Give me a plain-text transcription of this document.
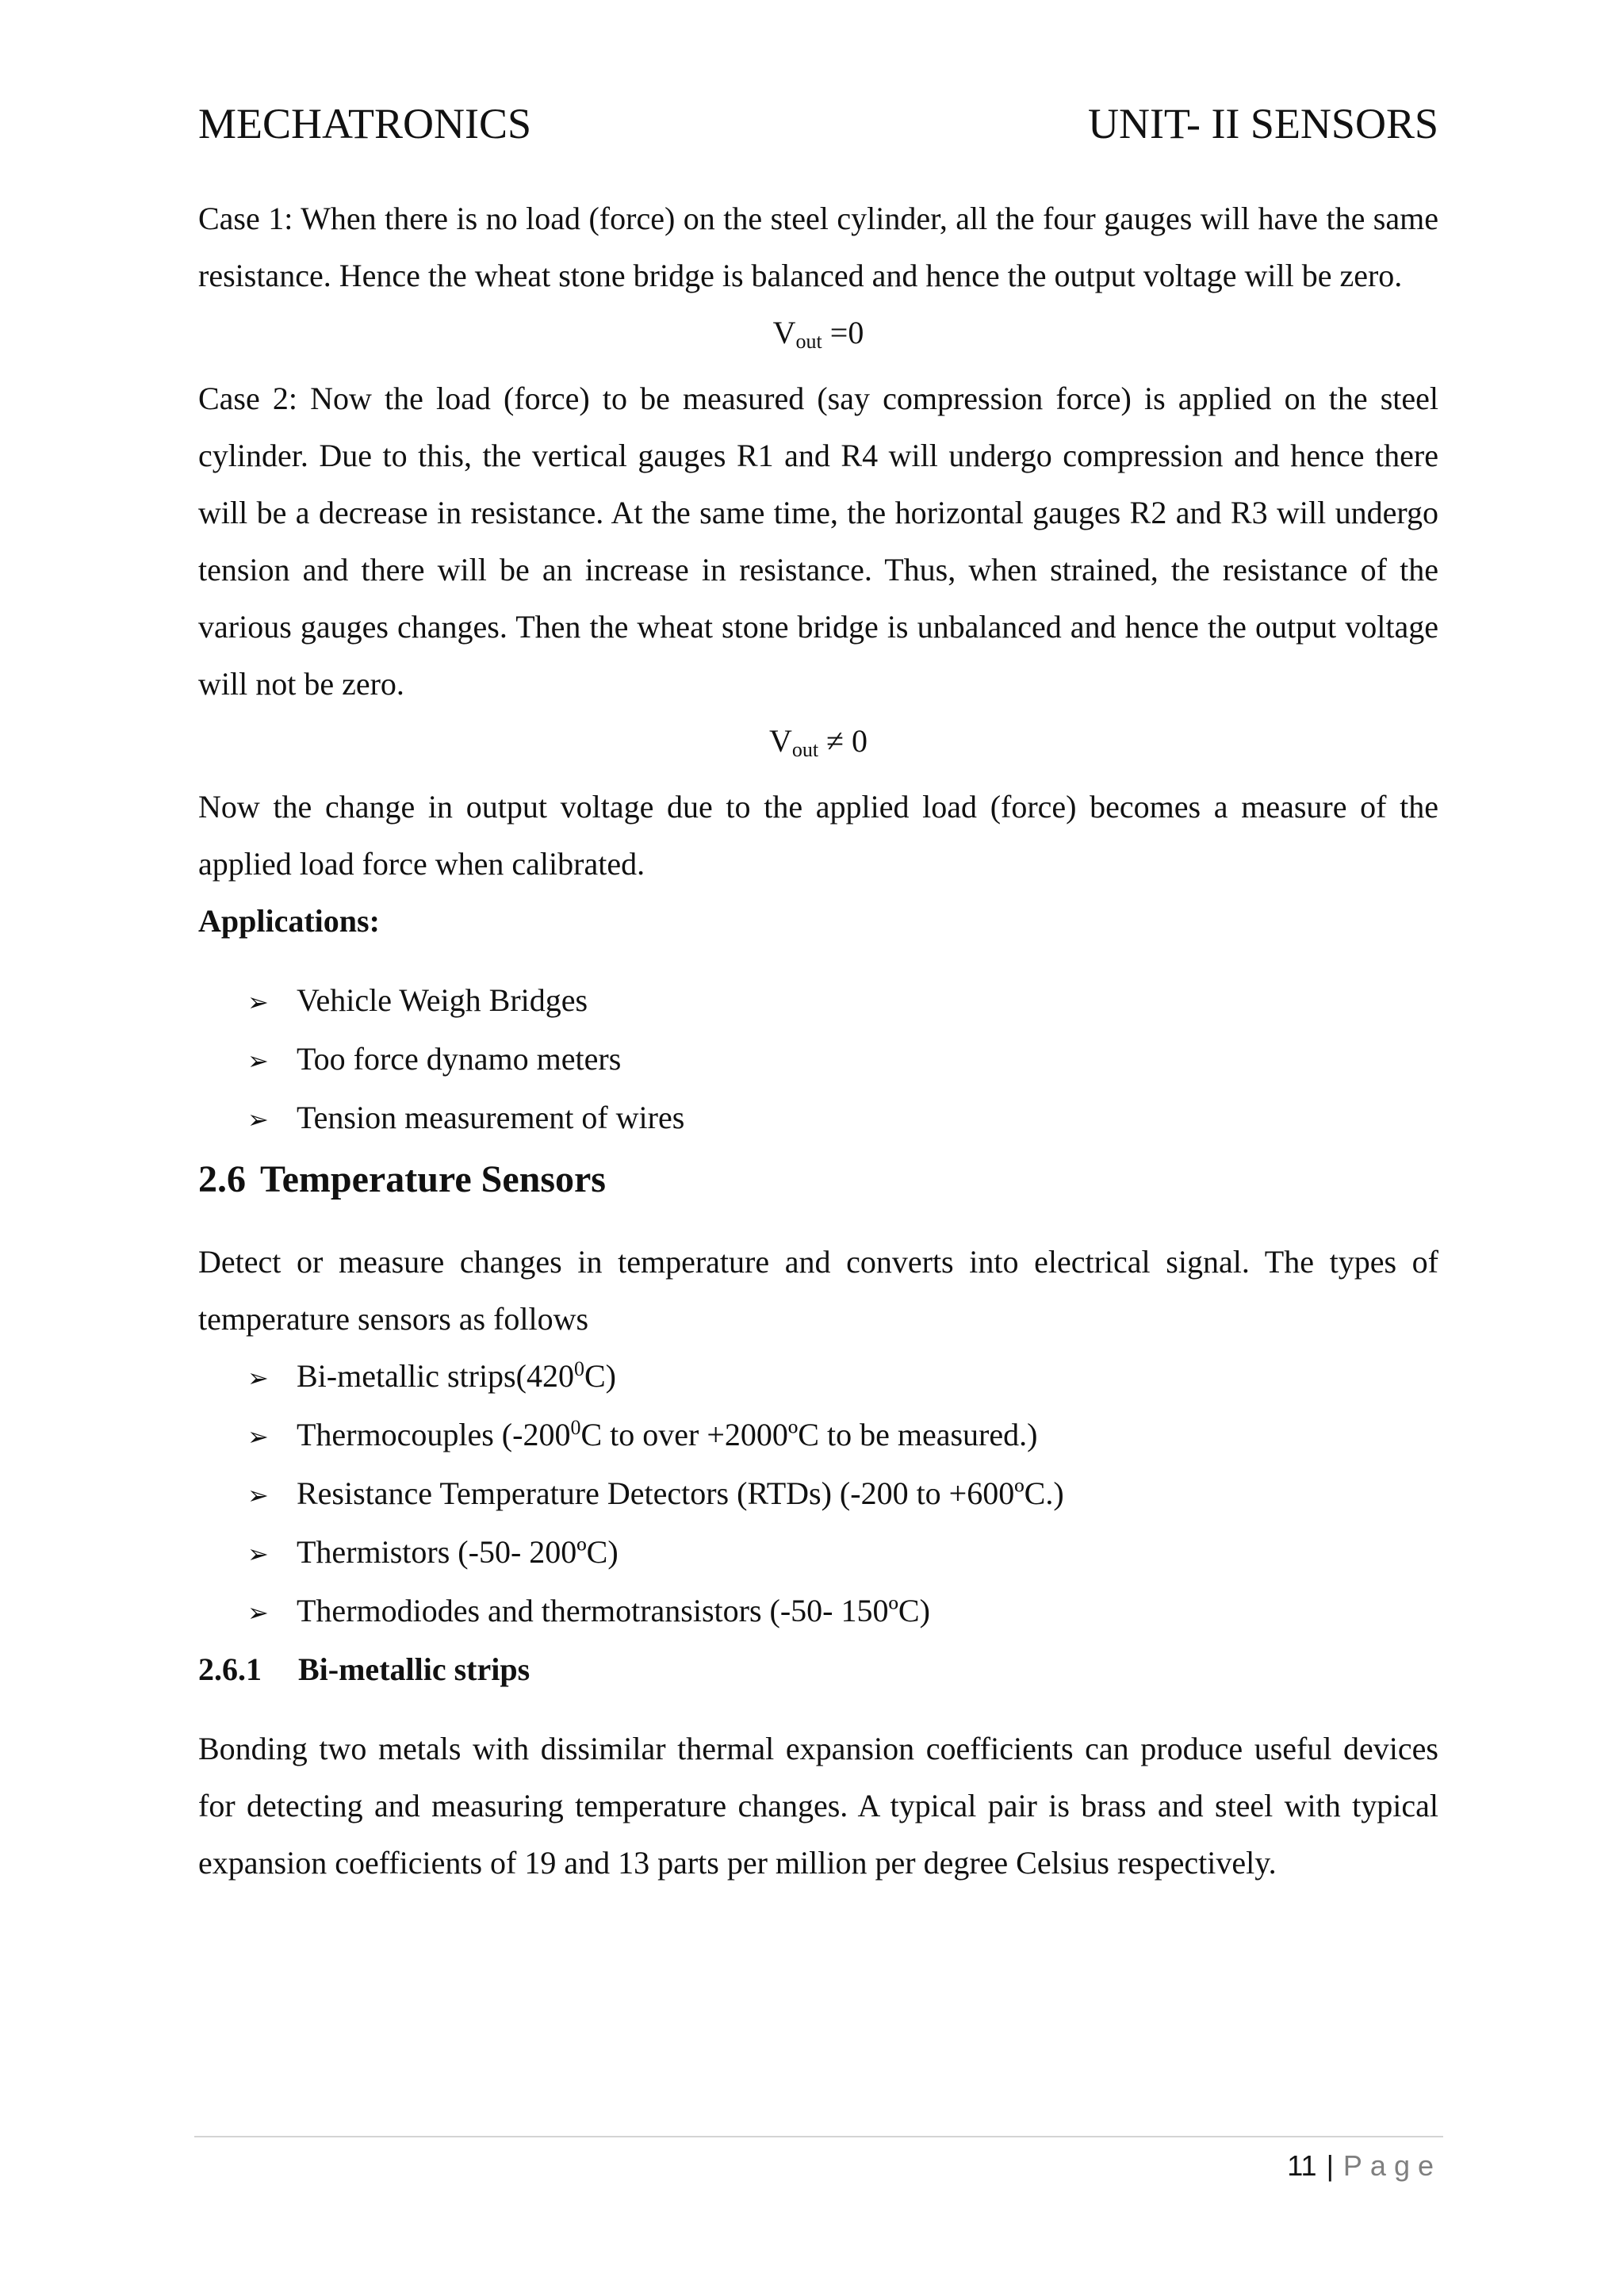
MECHATRONICS	UNIT- II SENSORS

Case 1: When there is no load (force) on the steel cylinder, all the four gauges will have the same resistance. Hence the wheat stone bridge is balanced and hence the output voltage will be zero.

$V_{out} =0$

Case 2: Now the load (force) to be measured (say compression force) is applied on the steel cylinder. Due to this, the vertical gauges R1 and R4 will undergo compression and hence there will be a decrease in resistance. At the same time, the horizontal gauges R2 and R3 will undergo tension and there will be an increase in resistance. Thus, when strained, the resistance of the various gauges changes. Then the wheat stone bridge is unbalanced and hence the output voltage will not be zero.

$V_{out} \ne 0$

Now the change in output voltage due to the applied load (force) becomes a measure of the applied load force when calibrated.

Applications:

➢ Vehicle Weigh Bridges
➢ Too force dynamo meters
➢ Tension measurement of wires
2.6 Temperature Sensors

Detect or measure changes in temperature and converts into electrical signal. The types of temperature sensors as follows

➢ Bi-metallic $strips(420^0C)$
➢ Thermocouples ($-200^0C$ to over +2000ºC to be measured.)
➢ Resistance Temperature Detectors (RTDs) (-200 to +600ºC.)
➢ Thermistors (-50- 200ºC)
➢ Thermodiodes and thermotransistors (-50- 150ºC)
2.6.1	Bi-metallic strips

Bonding two metals with dissimilar thermal expansion coefficients can produce useful devices for detecting and measuring temperature changes. A typical pair is brass and steel with typical expansion coefficients of 19 and 13 parts per million per degree Celsius respectively.

11 | Page
